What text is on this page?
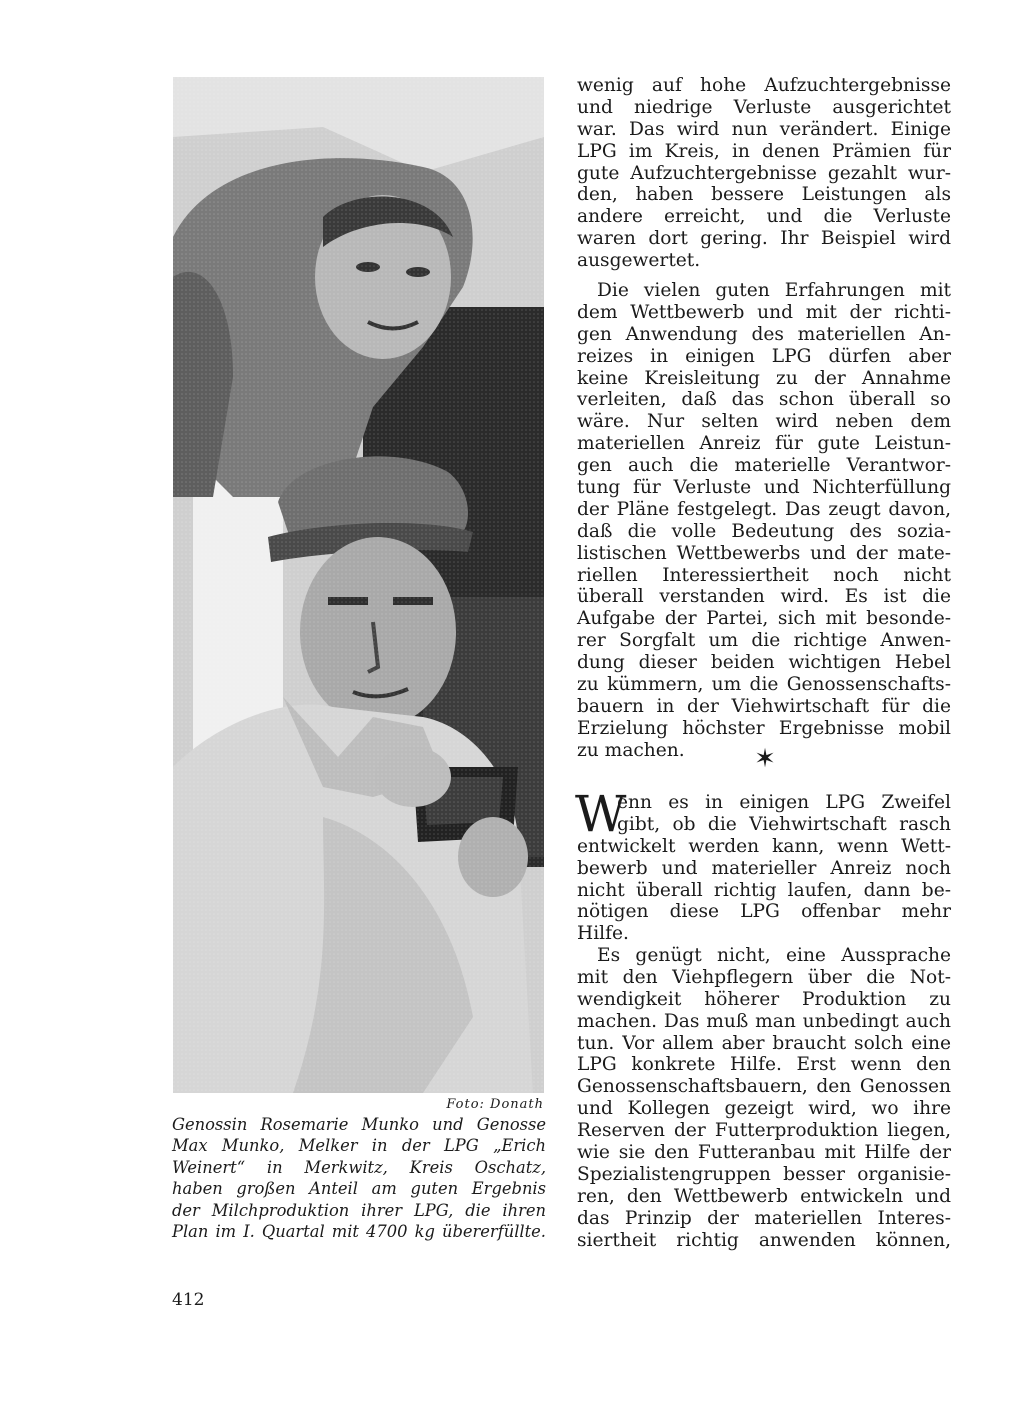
Foto: Donath
Genossin Rosemarie Munko und Genosse
Max Munko, Melker in der LPG „Erich
Weinert“ in Merkwitz, Kreis Oschatz,
haben großen Anteil am guten Ergebnis
der Milchproduktion ihrer LPG, die ihren
Plan im I. Quartal mit 4700 kg übererfüllte.
412
wenig auf hohe Aufzuchtergebnisse
und niedrige Verluste ausgerichtet
war. Das wird nun verändert. Einige
LPG im Kreis, in denen Prämien für
gute Aufzuchtergebnisse gezahlt wur-
den, haben bessere Leistungen als
andere erreicht, und die Verluste
waren dort gering. Ihr Beispiel wird
ausgewertet.
Die vielen guten Erfahrungen mit
dem Wettbewerb und mit der richti-
gen Anwendung des materiellen An-
reizes in einigen LPG dürfen aber
keine Kreisleitung zu der Annahme
verleiten, daß das schon überall so
wäre. Nur selten wird neben dem
materiellen Anreiz für gute Leistun-
gen auch die materielle Verantwor-
tung für Verluste und Nichterfüllung
der Pläne festgelegt. Das zeugt davon,
daß die volle Bedeutung des sozia-
listischen Wettbewerbs und der mate-
riellen Interessiertheit noch nicht
überall verstanden wird. Es ist die
Aufgabe der Partei, sich mit besonde-
rer Sorgfalt um die richtige Anwen-
dung dieser beiden wichtigen Hebel
zu kümmern, um die Genossenschafts-
bauern in der Viehwirtschaft für die
Erzielung höchster Ergebnisse mobil
zu machen.	✶
W
enn es in einigen LPG Zweifel
gibt, ob die Viehwirtschaft rasch
entwickelt werden kann, wenn Wett-
bewerb und materieller Anreiz noch
nicht überall richtig laufen, dann be-
nötigen diese LPG offenbar mehr
Hilfe.
Es genügt nicht, eine Aussprache
mit den Viehpflegern über die Not-
wendigkeit höherer Produktion zu
machen. Das muß man unbedingt auch
tun. Vor allem aber braucht solch eine
LPG konkrete Hilfe. Erst wenn den
Genossenschaftsbauern, den Genossen
und Kollegen gezeigt wird, wo ihre
Reserven der Futterproduktion liegen,
wie sie den Futteranbau mit Hilfe der
Spezialistengruppen besser organisie-
ren, den Wettbewerb entwickeln und
das Prinzip der materiellen Interes-
siertheit richtig anwenden können,
